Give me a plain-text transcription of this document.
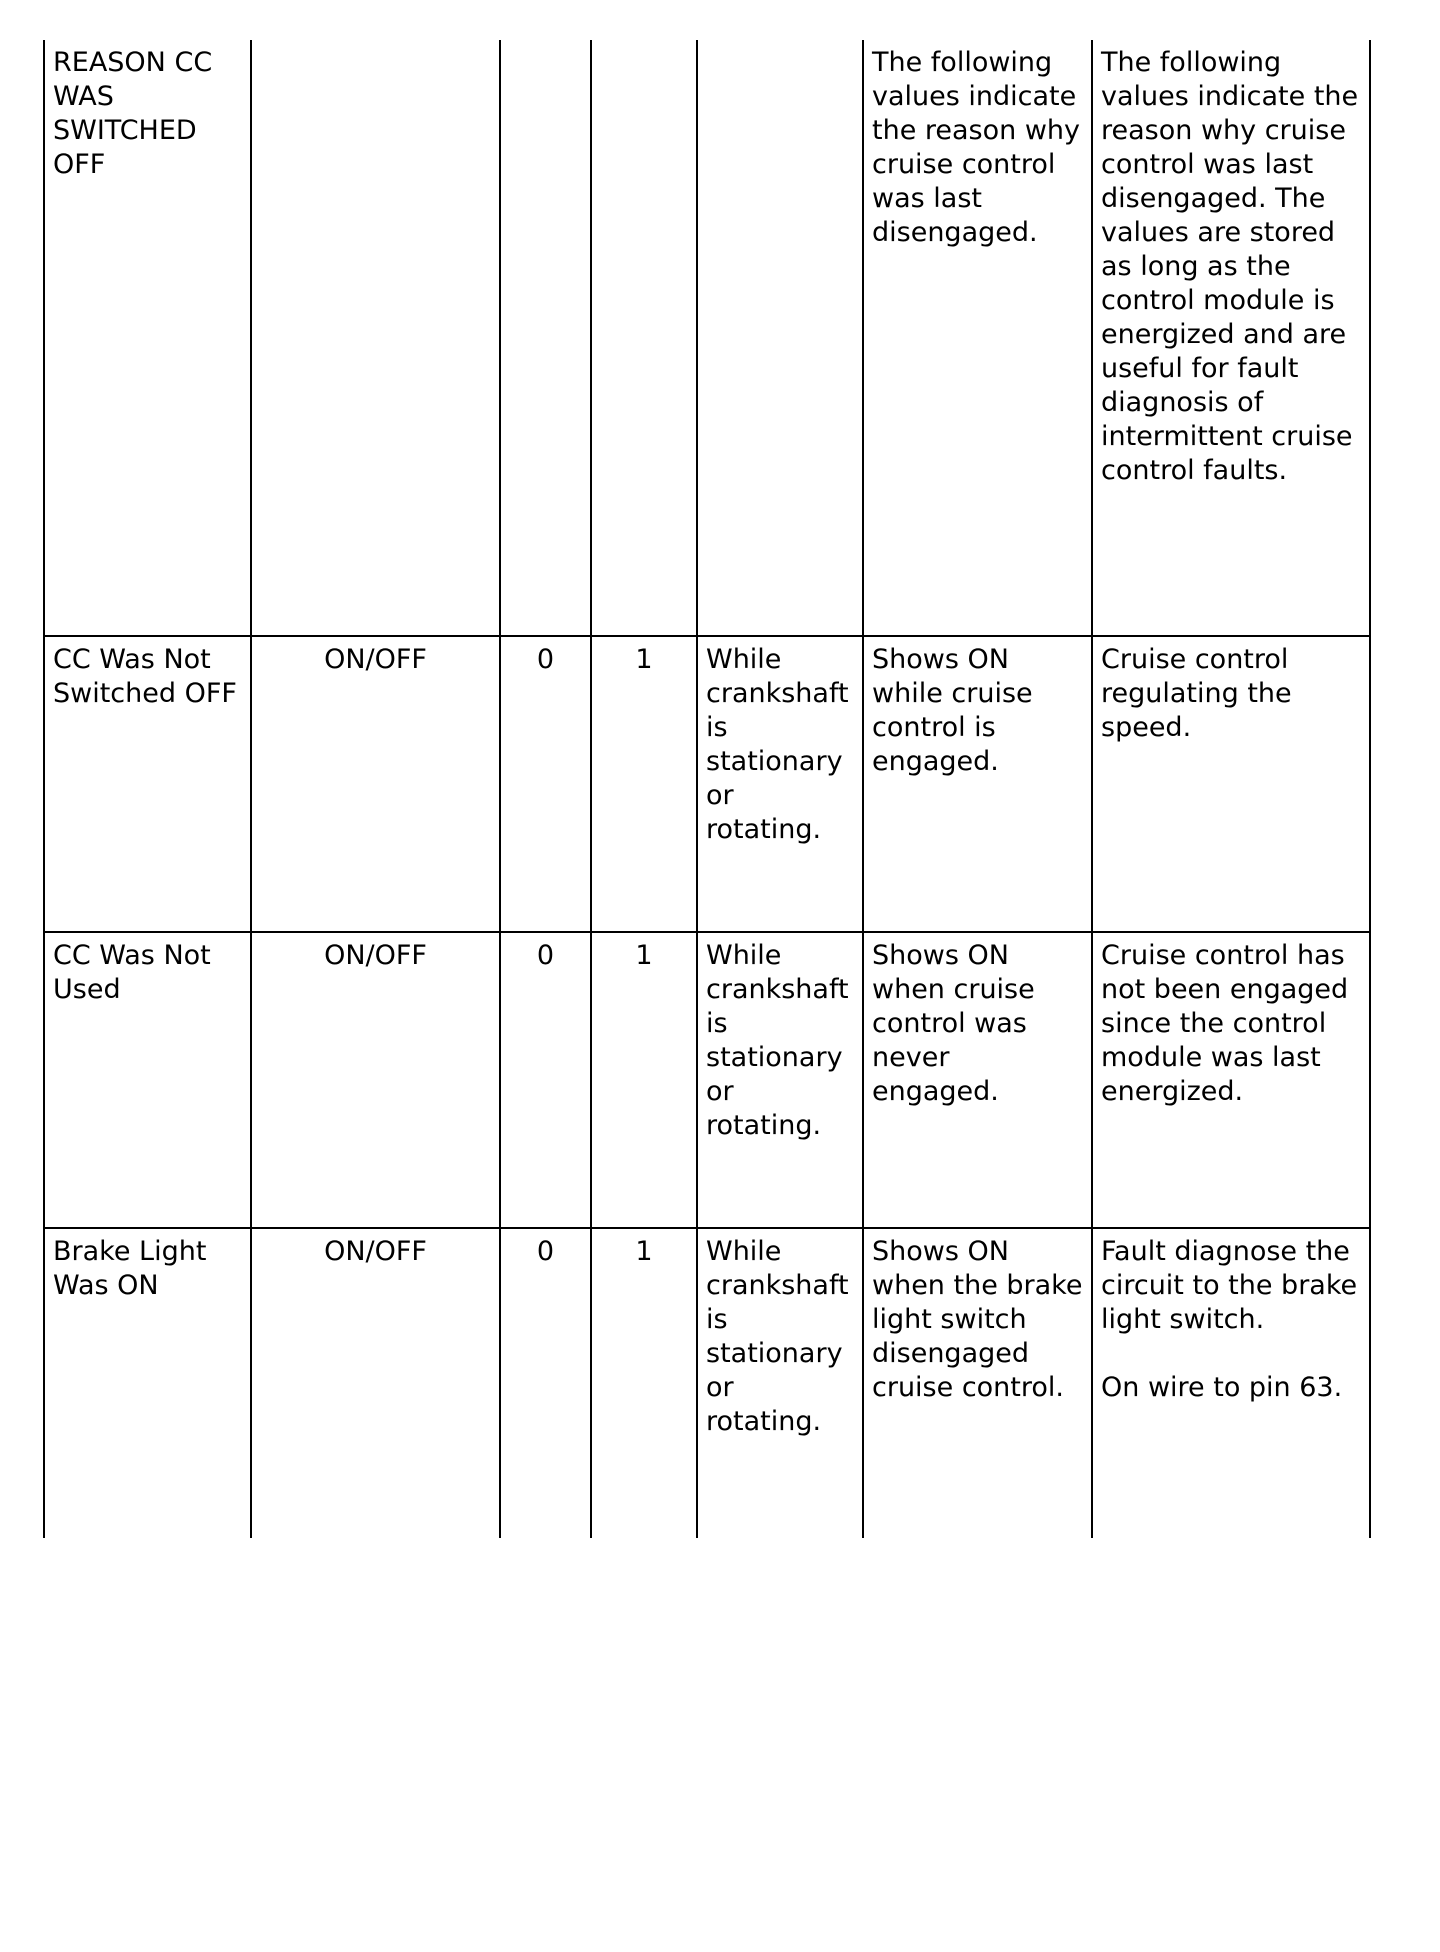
REASON CC WAS SWITCHED OFF					The following values indicate the reason why cruise control was last disengaged.	The following values indicate the reason why cruise control was last disengaged. The values are stored as long as the control module is energized and are useful for fault diagnosis of intermittent cruise control faults.
CC Was Not Switched OFF	ON/OFF	0	1	While crankshaft is stationary or rotating.	Shows ON while cruise control is engaged.	Cruise control regulating the speed.
CC Was Not Used	ON/OFF	0	1	While crankshaft is stationary or rotating.	Shows ON when cruise control was never engaged.	Cruise control has not been engaged since the control module was last energized.
Brake Light Was ON	ON/OFF	0	1	While crankshaft is stationary or rotating.	Shows ON when the brake light switch disengaged cruise control.	Fault diagnose the circuit to the brake light switch.
On wire to pin 63.
